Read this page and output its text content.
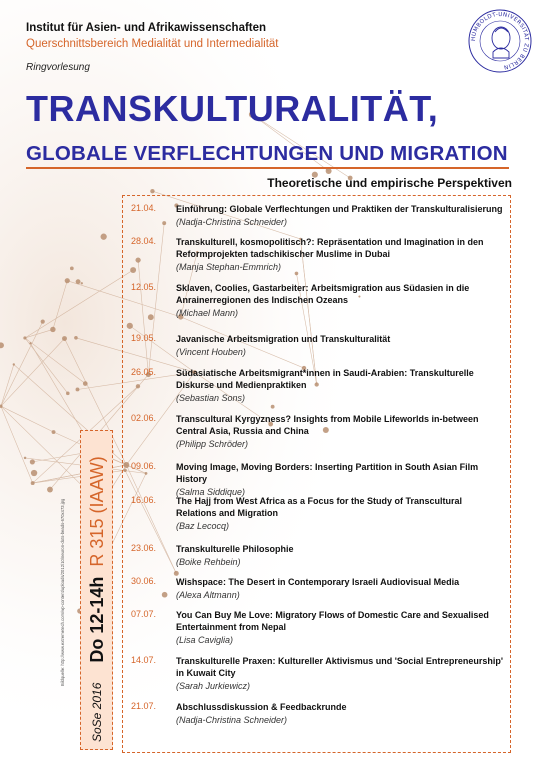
Institut für Asien- und Afrikawissenschaften
Querschnittsbereich Medialität und Intermedialität
Ringvorlesung
HUMBOLDT-UNIVERSITÄT ZU BERLIN
TRANSKULTURALITÄT,
GLOBALE VERFLECHTUNGEN UND MIGRATION
Theoretische und empirische Perspektiven
21.04.	Einführung: Globale Verflechtungen und Praktiken der Transkulturalisierung
(Nadja-Christina Schneider)
28.04.	Transkulturell, kosmopolitisch?: Repräsentation und Imagination in den Reformprojekten tadschikischer Muslime in Dubai
(Manja Stephan-Emmrich)
12.05.	Sklaven, Coolies, Gastarbeiter: Arbeitsmigration aus Südasien in die Anrainerregionen des Indischen Ozeans
(Michael Mann)
19.05.	Javanische Arbeitsmigration und Transkulturalität
(Vincent Houben)
26.05.	Südasiatische Arbeitsmigrant*innen in Saudi-Arabien: Transkulturelle Diskurse und Medienpraktiken
(Sebastian Sons)
02.06.	Transcultural Kyrgyzness? Insights from Mobile Lifeworlds in-between Central Asia, Russia and China
(Philipp Schröder)
09.06.	Moving Image, Moving Borders: Inserting Partition in South Asian Film History
(Salma Siddique)
16.06.	The Hajj from West Africa as a Focus for the Study of Transcultural Relations and Migration
(Baz Lecocq)
23.06.	Transkulturelle Philosophie
(Boike Rehbein)
30.06.	Wishspace: The Desert in Contemporary Israeli Audiovisual Media
(Alexa Altmann)
07.07.	You Can Buy Me Love: Migratory Flows of Domestic Care and Sexualised Entertainment from Nepal
(Lisa Caviglia)
14.07.	Transkulturelle Praxen: Kultureller Aktivismus und 'Social Entrepreneurship' in Kuwait City
(Sarah Jurkiewicz)
21.07.	Abschlussdiskussion & Feedbackrunde
(Nadja-Christina Schneider)
SoSe 2016
Do 12-14h
R 315 (IAAW)
Bildquelle: http://www.extremetech.com/wp-content/uploads/2012/10/neuron-dots-beads-670x473.jpg
